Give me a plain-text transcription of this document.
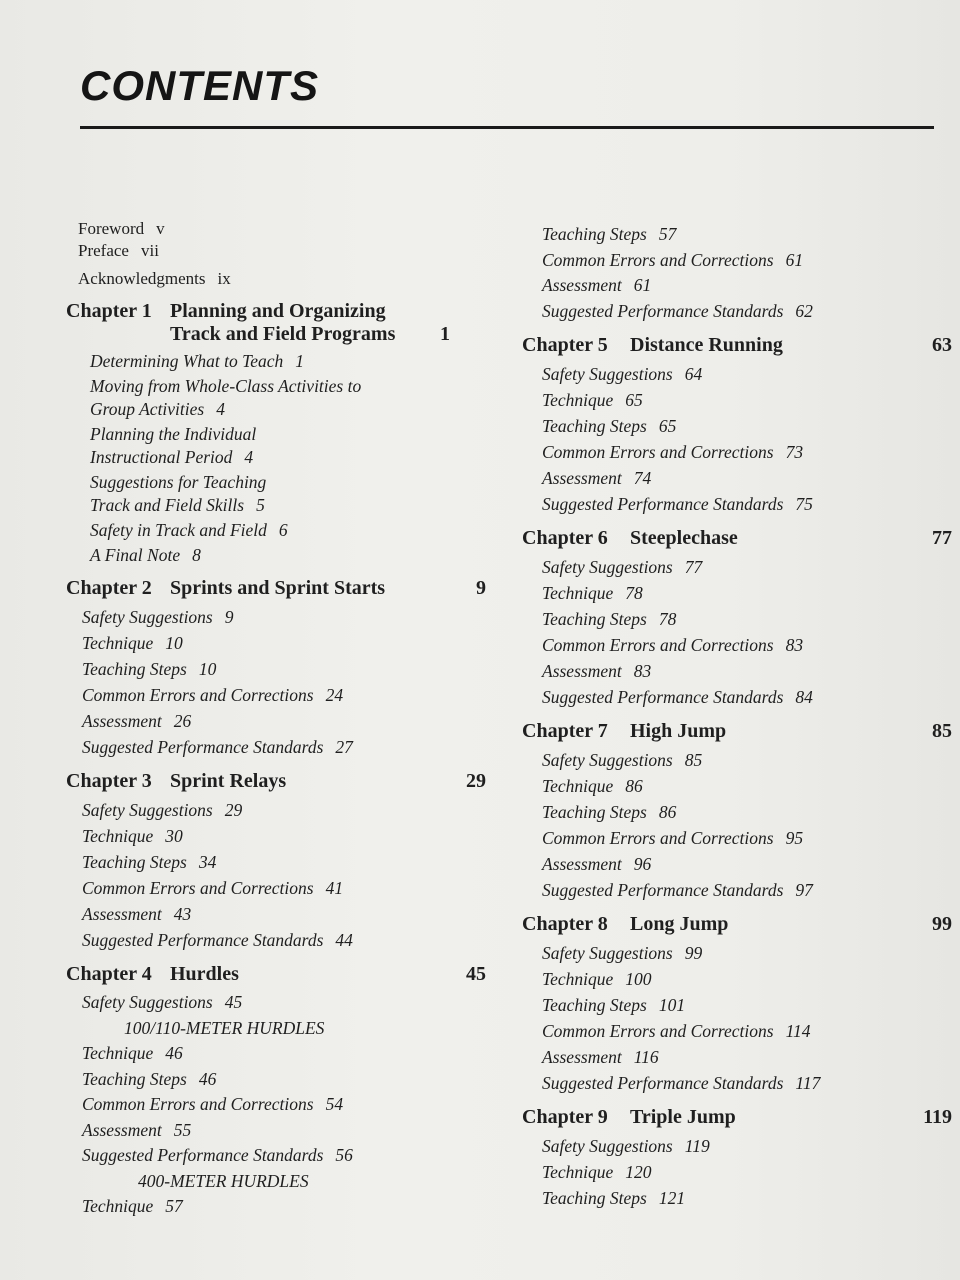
CONTENTS
Foreword v
Preface vii
Acknowledgments ix
Chapter 1 Planning and Organizing Track and Field Programs	1
Determining What to Teach 1
Moving from Whole-Class Activities to Group Activities 4
Planning the Individual Instructional Period 4
Suggestions for Teaching Track and Field Skills 5
Safety in Track and Field 6
A Final Note 8
Chapter 2 Sprints and Sprint Starts	9
Safety Suggestions 9
Technique 10
Teaching Steps 10
Common Errors and Corrections 24
Assessment 26
Suggested Performance Standards 27
Chapter 3 Sprint Relays	29
Safety Suggestions 29
Technique 30
Teaching Steps 34
Common Errors and Corrections 41
Assessment 43
Suggested Performance Standards 44
Chapter 4 Hurdles	45
Safety Suggestions 45
100/110-METER HURDLES
Technique 46
Teaching Steps 46
Common Errors and Corrections 54
Assessment 55
Suggested Performance Standards 56
400-METER HURDLES
Technique 57
Teaching Steps 57
Common Errors and Corrections 61
Assessment 61
Suggested Performance Standards 62
Chapter 5	Distance Running	63
Safety Suggestions 64
Technique 65
Teaching Steps 65
Common Errors and Corrections 73
Assessment 74
Suggested Performance Standards 75
Chapter 6	Steeplechase	77
Safety Suggestions 77
Technique 78
Teaching Steps 78
Common Errors and Corrections 83
Assessment 83
Suggested Performance Standards 84
Chapter 7	High Jump	85
Safety Suggestions 85
Technique 86
Teaching Steps 86
Common Errors and Corrections 95
Assessment 96
Suggested Performance Standards 97
Chapter 8	Long Jump	99
Safety Suggestions 99
Technique 100
Teaching Steps 101
Common Errors and Corrections 114
Assessment 116
Suggested Performance Standards 117
Chapter 9	Triple Jump	119
Safety Suggestions 119
Technique 120
Teaching Steps 121
